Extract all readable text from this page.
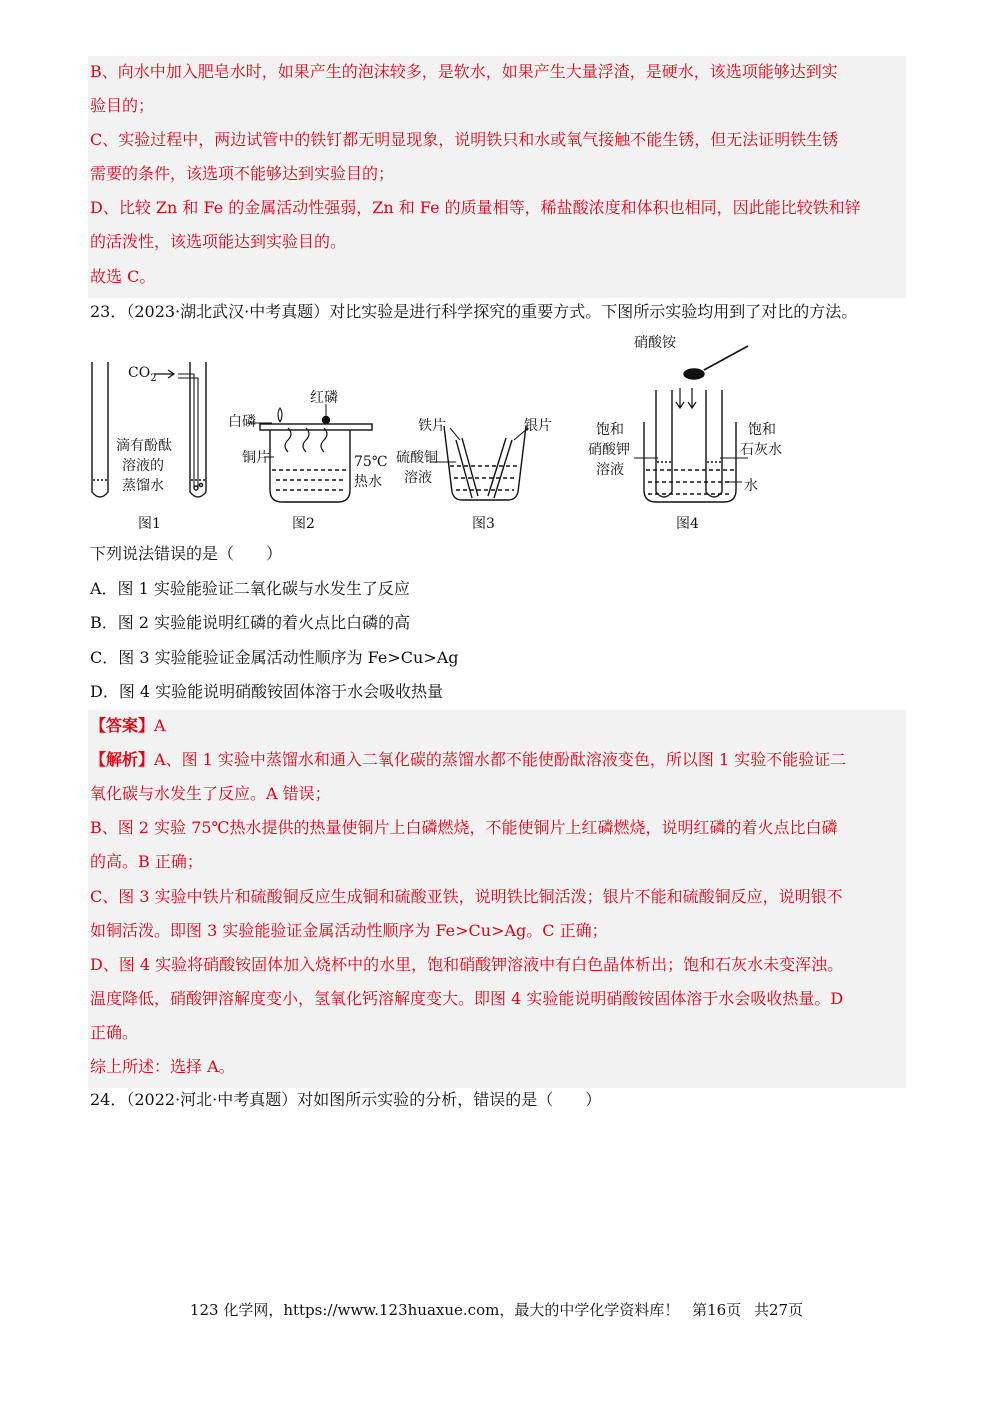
B、向水中加入肥皂水时，如果产生的泡沫较多，是软水，如果产生大量浮渣，是硬水，该选项能够达到实
验目的；
C、实验过程中，两边试管中的铁钉都无明显现象，说明铁只和水或氧气接触不能生锈，但无法证明铁生锈
需要的条件，该选项不能够达到实验目的；
D、比较 Zn 和 Fe 的金属活动性强弱，Zn 和 Fe 的质量相等，稀盐酸浓度和体积也相同，因此能比较铁和锌
的活泼性，该选项能达到实验目的。
故选 C。
23．（2023·湖北武汉·中考真题）对比实验是进行科学探究的重要方式。下图所示实验均用到了对比的方法。
$CO_2$
滴有酚酞
溶液的
蒸馏水
图1
白磷
红磷
铜片	75℃
热水
图2
铁片	银片
硫酸铜
溶液
图3
硝酸铵
饱和
硝酸钾
溶液
饱和
石灰水
水
图4
下列说法错误的是（　　）
A．图 1 实验能验证二氧化碳与水发生了反应
B．图 2 实验能说明红磷的着火点比白磷的高
C．图 3 实验能验证金属活动性顺序为 Fe>Cu>Ag
D．图 4 实验能说明硝酸铵固体溶于水会吸收热量
【答案】A
【解析】A、图 1 实验中蒸馏水和通入二氧化碳的蒸馏水都不能使酚酞溶液变色，所以图 1 实验不能验证二
氧化碳与水发生了反应。A 错误；
B、图 2 实验 75℃热水提供的热量使铜片上白磷燃烧，不能使铜片上红磷燃烧，说明红磷的着火点比白磷
的高。B 正确；
C、图 3 实验中铁片和硫酸铜反应生成铜和硫酸亚铁，说明铁比铜活泼；银片不能和硫酸铜反应，说明银不
如铜活泼。即图 3 实验能验证金属活动性顺序为 Fe>Cu>Ag。C 正确；
D、图 4 实验将硝酸铵固体加入烧杯中的水里，饱和硝酸钾溶液中有白色晶体析出；饱和石灰水未变浑浊。
温度降低，硝酸钾溶解度变小，氢氧化钙溶解度变大。即图 4 实验能说明硝酸铵固体溶于水会吸收热量。D
正确。
综上所述：选择 A。
24．（2022·河北·中考真题）对如图所示实验的分析，错误的是（　　）
123 化学网，https://www.123huaxue.com，最大的中学化学资料库！ 第16页 共27页
